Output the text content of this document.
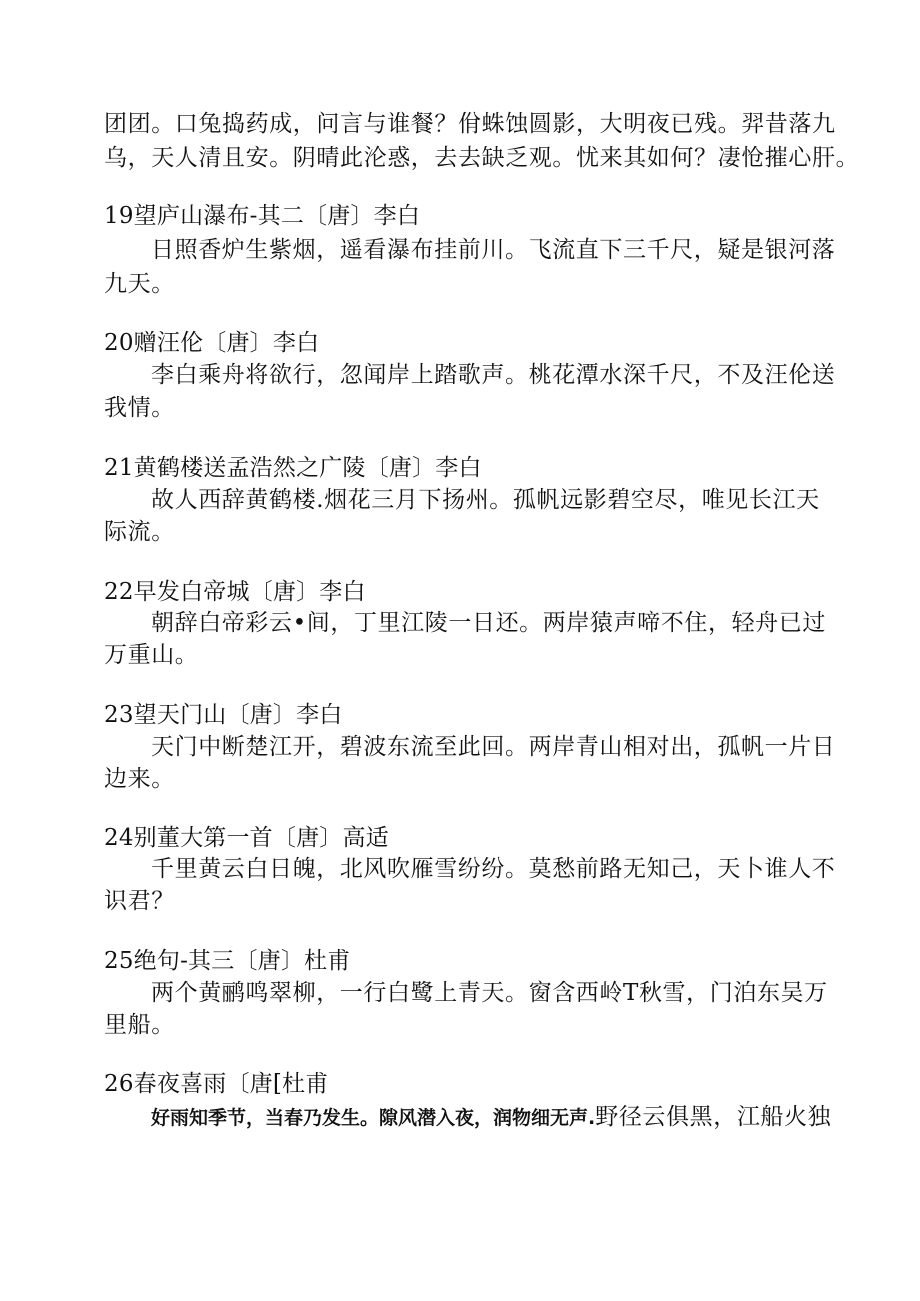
团团。口兔捣药成，问言与谁餐？佾蛛蚀圆影，大明夜已残。羿昔落九
乌，天人清且安。阴晴此沦惑，去去缺乏观。忧来其如何？凄怆摧心肝。
19望庐山瀑布-其二〔唐〕李白
日照香炉生紫烟，遥看瀑布挂前川。飞流直下三千尺，疑是银河落
九天。
20赠汪伦〔唐〕李白
李白乘舟将欲行，忽闻岸上踏歌声。桃花潭水深千尺，不及汪伦送
我情。
21黄鹤楼送孟浩然之广陵〔唐〕李白
故人西辞黄鹤楼.烟花三月下扬州。孤帆远影碧空尽，唯见长江天
际流。
22早发白帝城〔唐〕李白
朝辞白帝彩云•间，丁里江陵一日还。两岸猿声啼不住，轻舟已过
万重山。
23望天门山〔唐〕李白
天门中断楚江开，碧波东流至此回。两岸青山相对出，孤帆一片日
边来。
24别董大第一首〔唐〕高适
千里黄云白日魄，北风吹雁雪纷纷。莫愁前路无知己，天卜谁人不
识君？
25绝句-其三〔唐〕杜甫
两个黄鹂鸣翠柳，一行白鹭上青天。窗含西岭T秋雪，门泊东吴万
里船。
26春夜喜雨〔唐[杜甫
好雨知季节，当春乃发生。隙风潜入夜，润物细无声.野径云俱黑，江船火独
